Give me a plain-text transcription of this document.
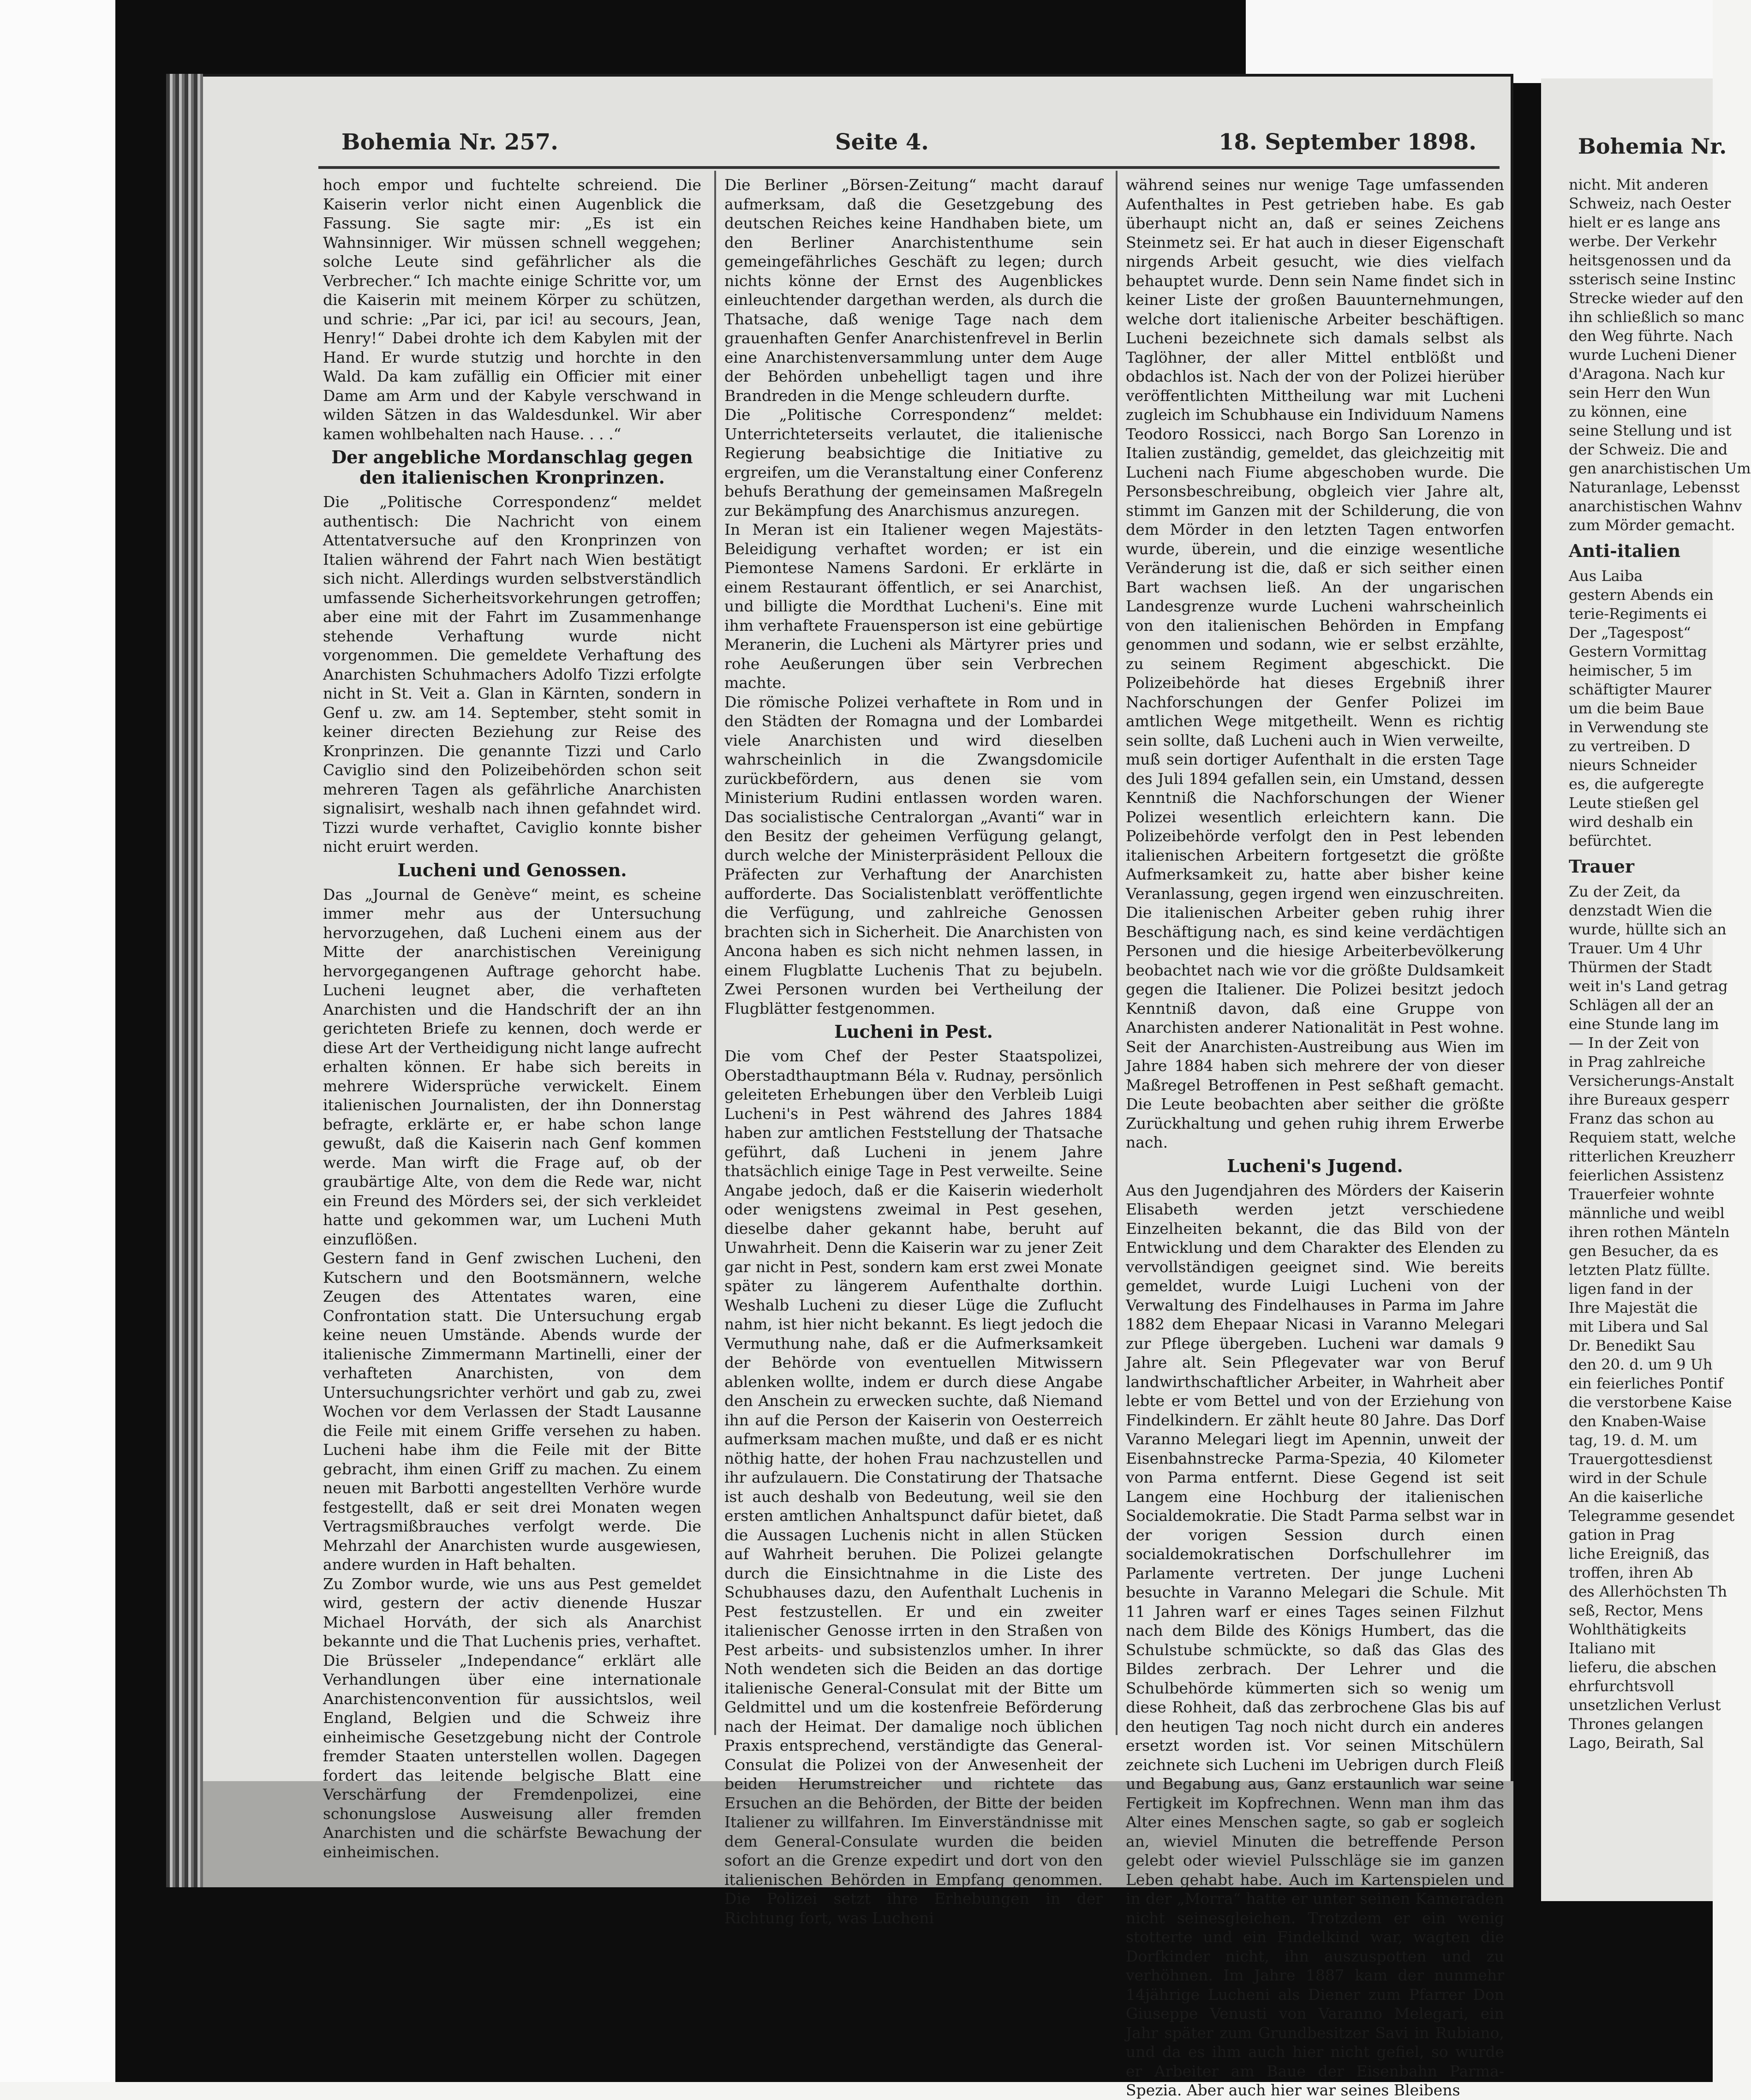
Bohemia Nr. 257.	Seite 4.	18. September 1898.

hoch empor und fuchtelte schreiend. Die Kaiserin verlor nicht einen Augenblick die Fassung. Sie sagte mir: „Es ist ein Wahnsinniger. Wir müssen schnell weggehen; solche Leute sind gefährlicher als die Verbrecher.“ Ich machte einige Schritte vor, um die Kaiserin mit meinem Körper zu schützen, und schrie: „Par ici, par ici! au secours, Jean, Henry!“ Dabei drohte ich dem Kabylen mit der Hand. Er wurde stutzig und horchte in den Wald. Da kam zufällig ein Officier mit einer Dame am Arm und der Kabyle verschwand in wilden Sätzen in das Waldesdunkel. Wir aber kamen wohlbehalten nach Hause. . . .“

Der angebliche Mordanschlag gegen den italienischen Kronprinzen.

Die „Politische Correspondenz“ meldet authentisch: Die Nachricht von einem Attentatversuche auf den Kronprinzen von Italien während der Fahrt nach Wien bestätigt sich nicht. Allerdings wurden selbstverständlich umfassende Sicherheitsvorkehrungen getroffen; aber eine mit der Fahrt im Zusammenhange stehende Verhaftung wurde nicht vorgenommen. Die gemeldete Verhaftung des Anarchisten Schuhmachers Adolfo Tizzi erfolgte nicht in St. Veit a. Glan in Kärnten, sondern in Genf u. zw. am 14. September, steht somit in keiner directen Beziehung zur Reise des Kronprinzen. Die genannte Tizzi und Carlo Caviglio sind den Polizeibehörden schon seit mehreren Tagen als gefährliche Anarchisten signalisirt, weshalb nach ihnen gefahndet wird. Tizzi wurde verhaftet, Caviglio konnte bisher nicht eruirt werden.

Lucheni und Genossen.

Das „Journal de Genève“ meint, es scheine immer mehr aus der Untersuchung hervorzugehen, daß Lucheni einem aus der Mitte der anarchistischen Vereinigung hervorgegangenen Auftrage gehorcht habe. Lucheni leugnet aber, die verhafteten Anarchisten und die Handschrift der an ihn gerichteten Briefe zu kennen, doch werde er diese Art der Vertheidigung nicht lange aufrecht erhalten können. Er habe sich bereits in mehrere Widersprüche verwickelt. Einem italienischen Journalisten, der ihn Donnerstag befragte, erklärte er, er habe schon lange gewußt, daß die Kaiserin nach Genf kommen werde. Man wirft die Frage auf, ob der graubärtige Alte, von dem die Rede war, nicht ein Freund des Mörders sei, der sich verkleidet hatte und gekommen war, um Lucheni Muth einzuflößen.

Gestern fand in Genf zwischen Lucheni, den Kutschern und den Bootsmännern, welche Zeugen des Attentates waren, eine Confrontation statt. Die Untersuchung ergab keine neuen Umstände. Abends wurde der italienische Zimmermann Martinelli, einer der verhafteten Anarchisten, von dem Untersuchungsrichter verhört und gab zu, zwei Wochen vor dem Verlassen der Stadt Lausanne die Feile mit einem Griffe versehen zu haben. Lucheni habe ihm die Feile mit der Bitte gebracht, ihm einen Griff zu machen. Zu einem neuen mit Barbotti angestellten Verhöre wurde festgestellt, daß er seit drei Monaten wegen Vertragsmißbrauches verfolgt werde. Die Mehrzahl der Anarchisten wurde ausgewiesen, andere wurden in Haft behalten.

Zu Zombor wurde, wie uns aus Pest gemeldet wird, gestern der activ dienende Huszar Michael Horváth, der sich als Anarchist bekannte und die That Luchenis pries, verhaftet. Die Brüsseler „Independance“ erklärt alle Verhandlungen über eine internationale Anarchistenconvention für aussichtslos, weil England, Belgien und die Schweiz ihre einheimische Gesetzgebung nicht der Controle fremder Staaten unterstellen wollen. Dagegen fordert das leitende belgische Blatt eine Verschärfung der Fremdenpolizei, eine schonungslose Ausweisung aller fremden Anarchisten und die schärfste Bewachung der einheimischen.

Die Berliner „Börsen-Zeitung“ macht darauf aufmerksam, daß die Gesetzgebung des deutschen Reiches keine Handhaben biete, um den Berliner Anarchistenthume sein gemeingefährliches Geschäft zu legen; durch nichts könne der Ernst des Augenblickes einleuchtender dargethan werden, als durch die Thatsache, daß wenige Tage nach dem grauenhaften Genfer Anarchistenfrevel in Berlin eine Anarchistenversammlung unter dem Auge der Behörden unbehelligt tagen und ihre Brandreden in die Menge schleudern durfte.

Die „Politische Correspondenz“ meldet: Unterrichteterseits verlautet, die italienische Regierung beabsichtige die Initiative zu ergreifen, um die Veranstaltung einer Conferenz behufs Berathung der gemeinsamen Maßregeln zur Bekämpfung des Anarchismus anzuregen.

In Meran ist ein Italiener wegen Majestäts-Beleidigung verhaftet worden; er ist ein Piemontese Namens Sardoni. Er erklärte in einem Restaurant öffentlich, er sei Anarchist, und billigte die Mordthat Lucheni's. Eine mit ihm verhaftete Frauensperson ist eine gebürtige Meranerin, die Lucheni als Märtyrer pries und rohe Aeußerungen über sein Verbrechen machte.

Die römische Polizei verhaftete in Rom und in den Städten der Romagna und der Lombardei viele Anarchisten und wird dieselben wahrscheinlich in die Zwangsdomicile zurückbefördern, aus denen sie vom Ministerium Rudini entlassen worden waren. Das socialistische Centralorgan „Avanti“ war in den Besitz der geheimen Verfügung gelangt, durch welche der Ministerpräsident Pelloux die Präfecten zur Verhaftung der Anarchisten aufforderte. Das Socialistenblatt veröffentlichte die Verfügung, und zahlreiche Genossen brachten sich in Sicherheit. Die Anarchisten von Ancona haben es sich nicht nehmen lassen, in einem Flugblatte Luchenis That zu bejubeln. Zwei Personen wurden bei Vertheilung der Flugblätter festgenommen.

Lucheni in Pest.

Die vom Chef der Pester Staatspolizei, Oberstadthauptmann Béla v. Rudnay, persönlich geleiteten Erhebungen über den Verbleib Luigi Lucheni's in Pest während des Jahres 1884 haben zur amtlichen Feststellung der Thatsache geführt, daß Lucheni in jenem Jahre thatsächlich einige Tage in Pest verweilte. Seine Angabe jedoch, daß er die Kaiserin wiederholt oder wenigstens zweimal in Pest gesehen, dieselbe daher gekannt habe, beruht auf Unwahrheit. Denn die Kaiserin war zu jener Zeit gar nicht in Pest, sondern kam erst zwei Monate später zu längerem Aufenthalte dorthin. Weshalb Lucheni zu dieser Lüge die Zuflucht nahm, ist hier nicht bekannt. Es liegt jedoch die Vermuthung nahe, daß er die Aufmerksamkeit der Behörde von eventuellen Mitwissern ablenken wollte, indem er durch diese Angabe den Anschein zu erwecken suchte, daß Niemand ihn auf die Person der Kaiserin von Oesterreich aufmerksam machen mußte, und daß er es nicht nöthig hatte, der hohen Frau nachzustellen und ihr aufzulauern. Die Constatirung der Thatsache ist auch deshalb von Bedeutung, weil sie den ersten amtlichen Anhaltspunct dafür bietet, daß die Aussagen Luchenis nicht in allen Stücken auf Wahrheit beruhen. Die Polizei gelangte durch die Einsichtnahme in die Liste des Schubhauses dazu, den Aufenthalt Luchenis in Pest festzustellen. Er und ein zweiter italienischer Genosse irrten in den Straßen von Pest arbeits- und subsistenzlos umher. In ihrer Noth wendeten sich die Beiden an das dortige italienische General-Consulat mit der Bitte um Geldmittel und um die kostenfreie Beförderung nach der Heimat. Der damalige noch üblichen Praxis entsprechend, verständigte das General-Consulat die Polizei von der Anwesenheit der beiden Herumstreicher und richtete das Ersuchen an die Behörden, der Bitte der beiden Italiener zu willfahren. Im Einverständnisse mit dem General-Consulate wurden die beiden sofort an die Grenze expedirt und dort von den italienischen Behörden in Empfang genommen. Die Polizei setzt ihre Erhebungen in der Richtung fort, was Lucheni

während seines nur wenige Tage umfassenden Aufenthaltes in Pest getrieben habe. Es gab überhaupt nicht an, daß er seines Zeichens Steinmetz sei. Er hat auch in dieser Eigenschaft nirgends Arbeit gesucht, wie dies vielfach behauptet wurde. Denn sein Name findet sich in keiner Liste der großen Bauunternehmungen, welche dort italienische Arbeiter beschäftigen. Lucheni bezeichnete sich damals selbst als Taglöhner, der aller Mittel entblößt und obdachlos ist. Nach der von der Polizei hierüber veröffentlichten Mittheilung war mit Lucheni zugleich im Schubhause ein Individuum Namens Teodoro Rossicci, nach Borgo San Lorenzo in Italien zuständig, gemeldet, das gleichzeitig mit Lucheni nach Fiume abgeschoben wurde. Die Personsbeschreibung, obgleich vier Jahre alt, stimmt im Ganzen mit der Schilderung, die von dem Mörder in den letzten Tagen entworfen wurde, überein, und die einzige wesentliche Veränderung ist die, daß er sich seither einen Bart wachsen ließ. An der ungarischen Landesgrenze wurde Lucheni wahrscheinlich von den italienischen Behörden in Empfang genommen und sodann, wie er selbst erzählte, zu seinem Regiment abgeschickt. Die Polizeibehörde hat dieses Ergebniß ihrer Nachforschungen der Genfer Polizei im amtlichen Wege mitgetheilt. Wenn es richtig sein sollte, daß Lucheni auch in Wien verweilte, muß sein dortiger Aufenthalt in die ersten Tage des Juli 1894 gefallen sein, ein Umstand, dessen Kenntniß die Nachforschungen der Wiener Polizei wesentlich erleichtern kann. Die Polizeibehörde verfolgt den in Pest lebenden italienischen Arbeitern fortgesetzt die größte Aufmerksamkeit zu, hatte aber bisher keine Veranlassung, gegen irgend wen einzuschreiten. Die italienischen Arbeiter geben ruhig ihrer Beschäftigung nach, es sind keine verdächtigen Personen und die hiesige Arbeiterbevölkerung beobachtet nach wie vor die größte Duldsamkeit gegen die Italiener. Die Polizei besitzt jedoch Kenntniß davon, daß eine Gruppe von Anarchisten anderer Nationalität in Pest wohne. Seit der Anarchisten-Austreibung aus Wien im Jahre 1884 haben sich mehrere der von dieser Maßregel Betroffenen in Pest seßhaft gemacht. Die Leute beobachten aber seither die größte Zurückhaltung und gehen ruhig ihrem Erwerbe nach.

Lucheni's Jugend.

Aus den Jugendjahren des Mörders der Kaiserin Elisabeth werden jetzt verschiedene Einzelheiten bekannt, die das Bild von der Entwicklung und dem Charakter des Elenden zu vervollständigen geeignet sind. Wie bereits gemeldet, wurde Luigi Lucheni von der Verwaltung des Findelhauses in Parma im Jahre 1882 dem Ehepaar Nicasi in Varanno Melegari zur Pflege übergeben. Lucheni war damals 9 Jahre alt. Sein Pflegevater war von Beruf landwirthschaftlicher Arbeiter, in Wahrheit aber lebte er vom Bettel und von der Erziehung von Findelkindern. Er zählt heute 80 Jahre. Das Dorf Varanno Melegari liegt im Apennin, unweit der Eisenbahnstrecke Parma-Spezia, 40 Kilometer von Parma entfernt. Diese Gegend ist seit Langem eine Hochburg der italienischen Socialdemokratie. Die Stadt Parma selbst war in der vorigen Session durch einen socialdemokratischen Dorfschullehrer im Parlamente vertreten. Der junge Lucheni besuchte in Varanno Melegari die Schule. Mit 11 Jahren warf er eines Tages seinen Filzhut nach dem Bilde des Königs Humbert, das die Schulstube schmückte, so daß das Glas des Bildes zerbrach. Der Lehrer und die Schulbehörde kümmerten sich so wenig um diese Rohheit, daß das zerbrochene Glas bis auf den heutigen Tag noch nicht durch ein anderes ersetzt worden ist. Vor seinen Mitschülern zeichnete sich Lucheni im Uebrigen durch Fleiß und Begabung aus, Ganz erstaunlich war seine Fertigkeit im Kopfrechnen. Wenn man ihm das Alter eines Menschen sagte, so gab er sogleich an, wieviel Minuten die betreffende Person gelebt oder wieviel Pulsschläge sie im ganzen Leben gehabt habe. Auch im Kartenspielen und in der „Morra“ hatte er unter seinen Kameraden nicht seinesgleichen. Trotzdem er ein wenig stotterte und ein Findelkind war, wagten die Dorfkinder nicht, ihn auszuspotten und zu verhöhnen. Im Jahre 1887 kam der nunmehr 14jährige Lucheni als Diener zum Pfarrer Don Giuseppe Venusti von Varanno Melegari, ein Jahr später zum Grundbesitzer Savi in Rubiano, und da es ihm auch hier nicht gefiel, so wurde er Arbeiter am Baue der Eisenbahn Parma-Spezia. Aber auch hier war seines Bleibens

Bohemia Nr.

nicht. Mit anderen

Schweiz, nach Oester

hielt er es lange ans

werbe. Der Verkehr

heitsgenossen und da

ssterisch seine Instinc

Strecke wieder auf den

ihn schließlich so manc

den Weg führte. Nach

wurde Lucheni Diener

d'Aragona. Nach kur

sein Herr den Wun

zu können, eine

seine Stellung und ist

der Schweiz. Die and

gen anarchistischen Um

Naturanlage, Lebensst

anarchistischen Wahnv

zum Mörder gemacht.

Anti-italien

Aus Laiba

gestern Abends ein

terie-Regiments ei

Der „Tagespost“

Gestern Vormittag

heimischer, 5 im

schäftigter Maurer

um die beim Baue

in Verwendung ste

zu vertreiben. D

nieurs Schneider

es, die aufgeregte

Leute stießen gel

wird deshalb ein

befürchtet.

Trauer

Zu der Zeit, da

denzstadt Wien die

wurde, hüllte sich an

Trauer. Um 4 Uhr

Thürmen der Stadt

weit in's Land getrag

Schlägen all der an

eine Stunde lang im

— In der Zeit von

in Prag zahlreiche

Versicherungs-Anstalt

ihre Bureaux gesperr

Franz das schon au

Requiem statt, welche

ritterlichen Kreuzherr

feierlichen Assistenz

Trauerfeier wohnte

männliche und weibl

ihren rothen Mänteln

gen Besucher, da es

letzten Platz füllte.

ligen fand in der

Ihre Majestät die

mit Libera und Sal

Dr. Benedikt Sau

den 20. d. um 9 Uh

ein feierliches Pontif

die verstorbene Kaise

den Knaben-Waise

tag, 19. d. M. um

Trauergottesdienst

wird in der Schule

An die kaiserliche

Telegramme gesendet

gation in Prag

liche Ereigniß, das

troffen, ihren Ab

des Allerhöchsten Th

seß, Rector, Mens

Wohlthätigkeits

Italiano mit

lieferu, die abschen

ehrfurchtsvoll

unsetzlichen Verlust

Thrones gelangen

Lago, Beirath, Sal
